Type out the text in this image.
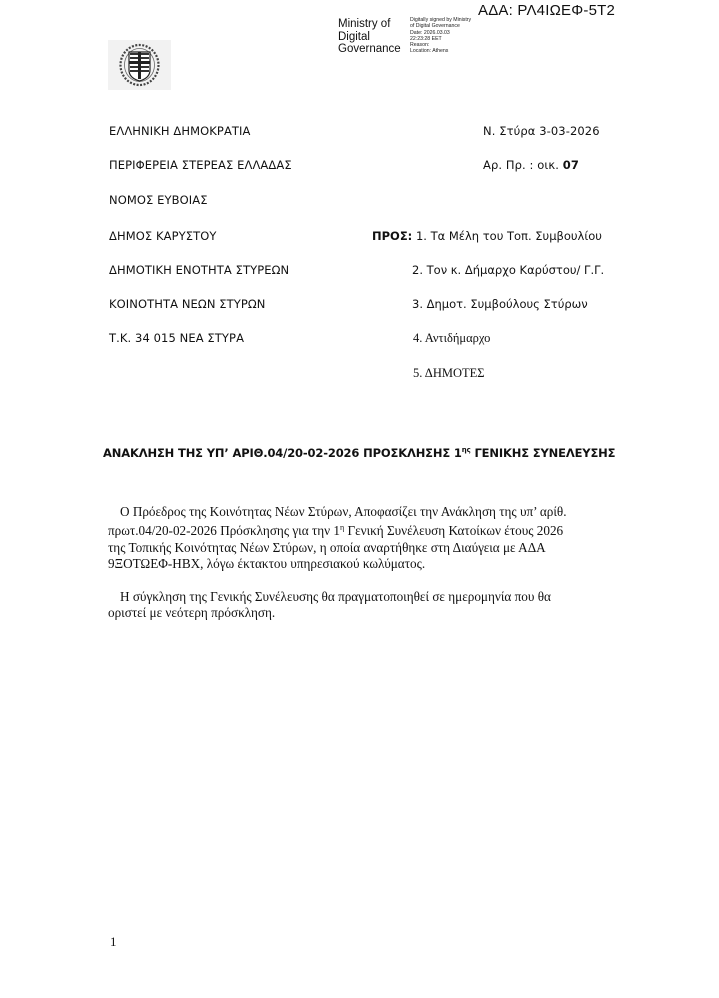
ΑΔΑ: ΡΛ4ΙΩΕΦ-5Τ2
Ministry of Digital Governance
Digitally signed by Ministry
of Digital Governance
Date: 2026.03.03
22:23:28 EET
Reason:
Location: Athens
ΕΛΛΗΝΙΚΗ ΔΗΜΟΚΡΑΤΙΑ
ΠΕΡΙΦΕΡΕΙΑ ΣΤΕΡΕΑΣ ΕΛΛΑΔΑΣ
ΝΟΜΟΣ ΕΥΒΟΙΑΣ
ΔΗΜΟΣ ΚΑΡΥΣΤΟΥ
ΔΗΜΟΤΙΚΗ ΕΝΟΤΗΤΑ ΣΤΥΡΕΩΝ
ΚΟΙΝΟΤΗΤΑ ΝΕΩΝ ΣΤΥΡΩΝ
Τ.Κ. 34 015 ΝΕΑ ΣΤΥΡΑ
Ν. Στύρα 3-03-2026
Αρ. Πρ. : οικ. 07
ΠΡΟΣ: 1. Τα Μέλη του Τοπ. Συμβουλίου
2. Τον κ. Δήμαρχο Καρύστου/ Γ.Γ.
3. Δημοτ. Συμβούλους Στύρων
4. Αντιδήμαρχο
5. ΔΗΜΟΤΕΣ
ΑΝΑΚΛΗΣΗ ΤΗΣ ΥΠ’ ΑΡΙΘ.04/20-02-2026 ΠΡΟΣΚΛΗΣΗΣ $1^{\eta\varsigma}$ ΓΕΝΙΚΗΣ ΣΥΝΕΛΕΥΣΗΣ
Ο Πρόεδρος της Κοινότητας Νέων Στύρων, Αποφασίζει την Ανάκληση της υπ’ αρίθ.
πρωτ.04/20-02-2026 Πρόσκλησης για την $1^\eta$ Γενική Συνέλευση Κατοίκων έτους 2026
της Τοπικής Κοινότητας Νέων Στύρων, η οποία αναρτήθηκε στη Διαύγεια με ΑΔΑ
9ΞΟΤΩΕΦ-ΗΒΧ, λόγω έκτακτου υπηρεσιακού κωλύματος.
Η σύγκληση της Γενικής Συνέλευσης θα πραγματοποιηθεί σε ημερομηνία που θα
οριστεί με νεότερη πρόσκληση.
1
